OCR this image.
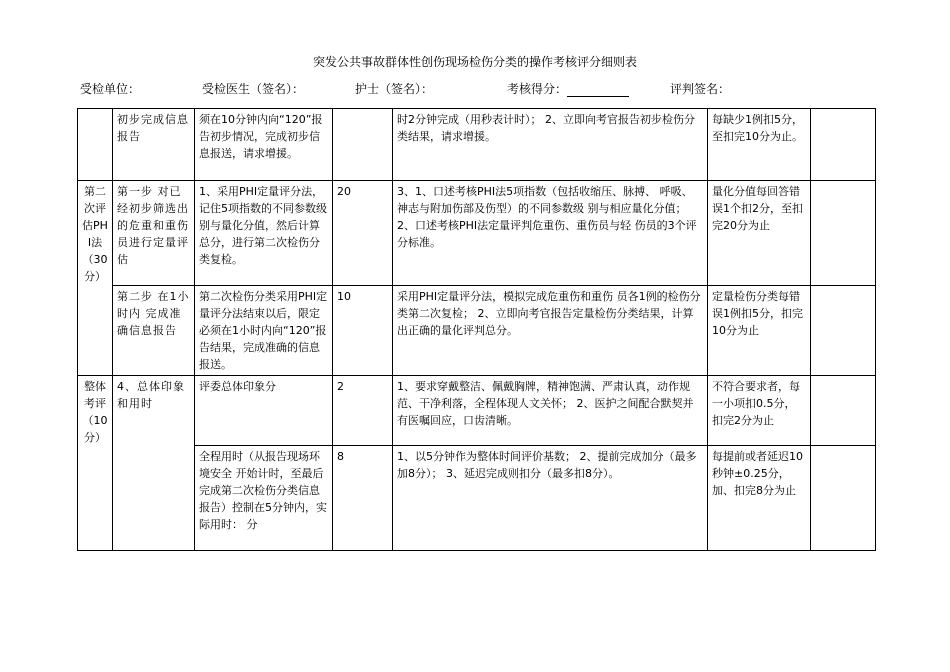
突发公共事故群体性创伤现场检伤分类的操作考核评分细则表
受检单位：	受检医生（签名）：	护士（签名）：	考核得分：	评判签名：
	初步完成信息报告	须在10分钟内向“120”报告初步情况，完成初步信息报送，请求增援。		时2分钟完成（用秒表计时）； 2、立即向考官报告初步检伤分类结果，请求增援。	每缺少1例扣5分，至扣完10分为止。	
第二次评估PHI法（30分）	第一步 对已经初步筛选出的危重和重伤员进行定量评估	1、采用PHI定量评分法，记住5项指数的不同参数级别与量化分值，然后计算总分，进行第二次检伤分类复检。	20	3、1、口述考核PHI法5项指数（包括收缩压、脉搏、 呼吸、神志与附加伤部及伤型）的不同参数级 别与相应量化分值； 2、口述考核PHI法定量评判危重伤、重伤员与轻 伤员的3个评分标准。	量化分值每回答错误1个扣2分，至扣完20分为止	
	第二步 在1小时内 完成准确信息报告	第二次检伤分类采用PHI定量评分法结束以后，限定必须在1小时内向“120”报告结果，完成准确的信息报送。	10	采用PHI定量评分法，模拟完成危重伤和重伤 员各1例的检伤分类第二次复检； 2、立即向考官报告定量检伤分类结果，计算出正确的量化评判总分。	定量检伤分类每错误1例扣5分，扣完10分为止	
整体考评（10分）	4、总体印象和用时	评委总体印象分	2	1、要求穿戴整洁、佩戴胸牌，精神饱满、严肃认真，动作规范、干净利落，全程体现人文关怀； 2、医护之间配合默契并有医嘱回应，口齿清晰。	不符合要求者，每一小项扣0.5分，扣完2分为止	
		全程用时（从报告现场环境安全 开始计时，至最后完成第二次检伤分类信息报告）控制在5分钟内，实际用时： 分	8	1、以5分钟作为整体时间评价基数； 2、提前完成加分（最多加8分）； 3、延迟完成则扣分（最多扣8分）。	每提前或者延迟10秒钟±0.25分，加、扣完8分为止	
